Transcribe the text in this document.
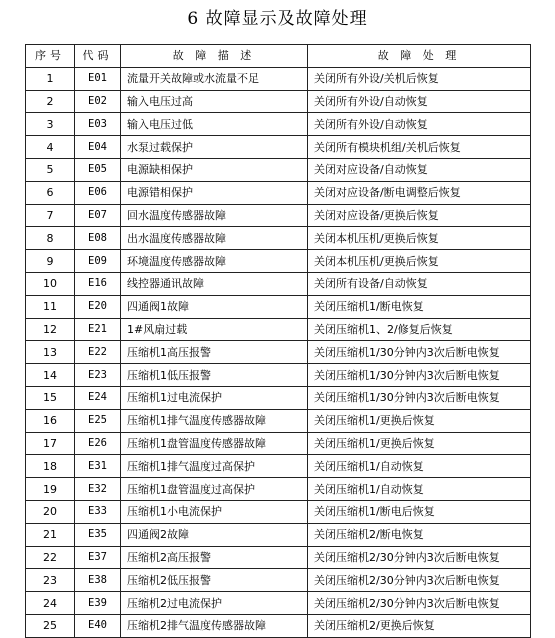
6 故障显示及故障处理
序号	代码	故 障 描 述	故 障 处 理
1	E01	流量开关故障或水流量不足	关闭所有外设/关机后恢复
2	E02	输入电压过高	关闭所有外设/自动恢复
3	E03	输入电压过低	关闭所有外设/自动恢复
4	E04	水泵过载保护	关闭所有模块机组/关机后恢复
5	E05	电源缺相保护	关闭对应设备/自动恢复
6	E06	电源错相保护	关闭对应设备/断电调整后恢复
7	E07	回水温度传感器故障	关闭对应设备/更换后恢复
8	E08	出水温度传感器故障	关闭本机压机/更换后恢复
9	E09	环境温度传感器故障	关闭本机压机/更换后恢复
10	E16	线控器通讯故障	关闭所有设备/自动恢复
11	E20	四通阀1故障	关闭压缩机1/断电恢复
12	E21	1#风扇过载	关闭压缩机1、2/修复后恢复
13	E22	压缩机1高压报警	关闭压缩机1/30分钟内3次后断电恢复
14	E23	压缩机1低压报警	关闭压缩机1/30分钟内3次后断电恢复
15	E24	压缩机1过电流保护	关闭压缩机1/30分钟内3次后断电恢复
16	E25	压缩机1排气温度传感器故障	关闭压缩机1/更换后恢复
17	E26	压缩机1盘管温度传感器故障	关闭压缩机1/更换后恢复
18	E31	压缩机1排气温度过高保护	关闭压缩机1/自动恢复
19	E32	压缩机1盘管温度过高保护	关闭压缩机1/自动恢复
20	E33	压缩机1小电流保护	关闭压缩机1/断电后恢复
21	E35	四通阀2故障	关闭压缩机2/断电恢复
22	E37	压缩机2高压报警	关闭压缩机2/30分钟内3次后断电恢复
23	E38	压缩机2低压报警	关闭压缩机2/30分钟内3次后断电恢复
24	E39	压缩机2过电流保护	关闭压缩机2/30分钟内3次后断电恢复
25	E40	压缩机2排气温度传感器故障	关闭压缩机2/更换后恢复
